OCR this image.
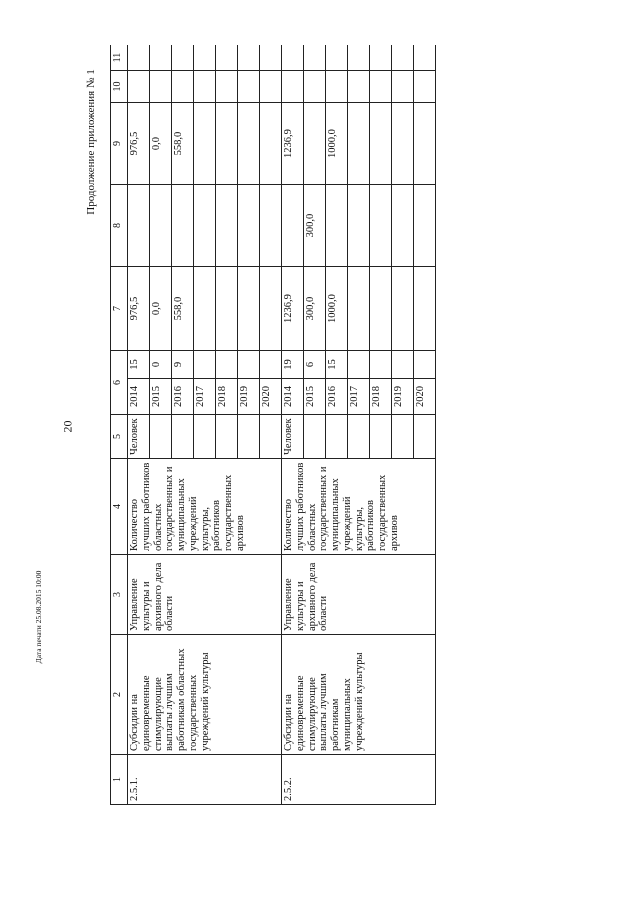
20
Продолжение приложения № 1
Дата печати 25.08.2015 10:00
1	2	3	4	5	6		7	8	9	10	11
2.5.1.	Субсидии на единовременные стимулирующие выплаты лучшим работникам областных государственных учреждений культуры	Управление культуры и архивного дела области	Количество лучших работников областных государственных и муниципальных учреждений культуры, работников государственных архивов	Человек	2014	15	976,5		976,5		
					2015	0	0,0		0,0		
					2016	9	558,0		558,0		
					2017						
					2018						
					2019						
					2020						
2.5.2.	Субсидии на единовременные стимулирующие выплаты лучшим работникам муниципальных учреждений культуры	Управление культуры и архивного дела области	Количество лучших работников областных государственных и муниципальных учреждений культуры, работников государственных архивов	Человек	2014	19	1236,9		1236,9		
					2015	6	300,0	300,0			
					2016	15	1000,0		1000,0		
					2017						
					2018						
					2019						
					2020						
